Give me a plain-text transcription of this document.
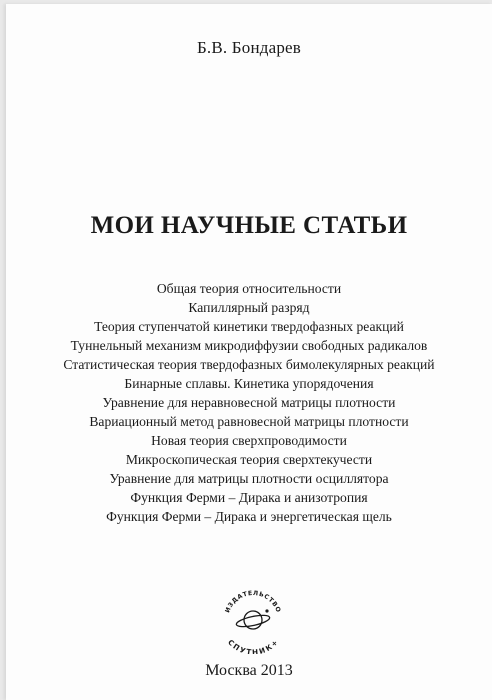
Б.В. Бондарев
МОИ НАУЧНЫЕ СТАТЬИ
Общая теория относительности
Капиллярный разряд
Теория ступенчатой кинетики твердофазных реакций
Туннельный механизм микродиффузии свободных радикалов
Статистическая теория твердофазных бимолекулярных реакций
Бинарные сплавы. Кинетика упорядочения
Уравнение для неравновесной матрицы плотности
Вариационный метод равновесной матрицы плотности
Новая теория сверхпроводимости
Микроскопическая теория сверхтекучести
Уравнение для матрицы плотности осциллятора
Функция Ферми – Дирака и анизотропия
Функция Ферми – Дирака и энергетическая щель
ИЗДАТЕЛЬСТВО
СПУТНИК+
Москва 2013
